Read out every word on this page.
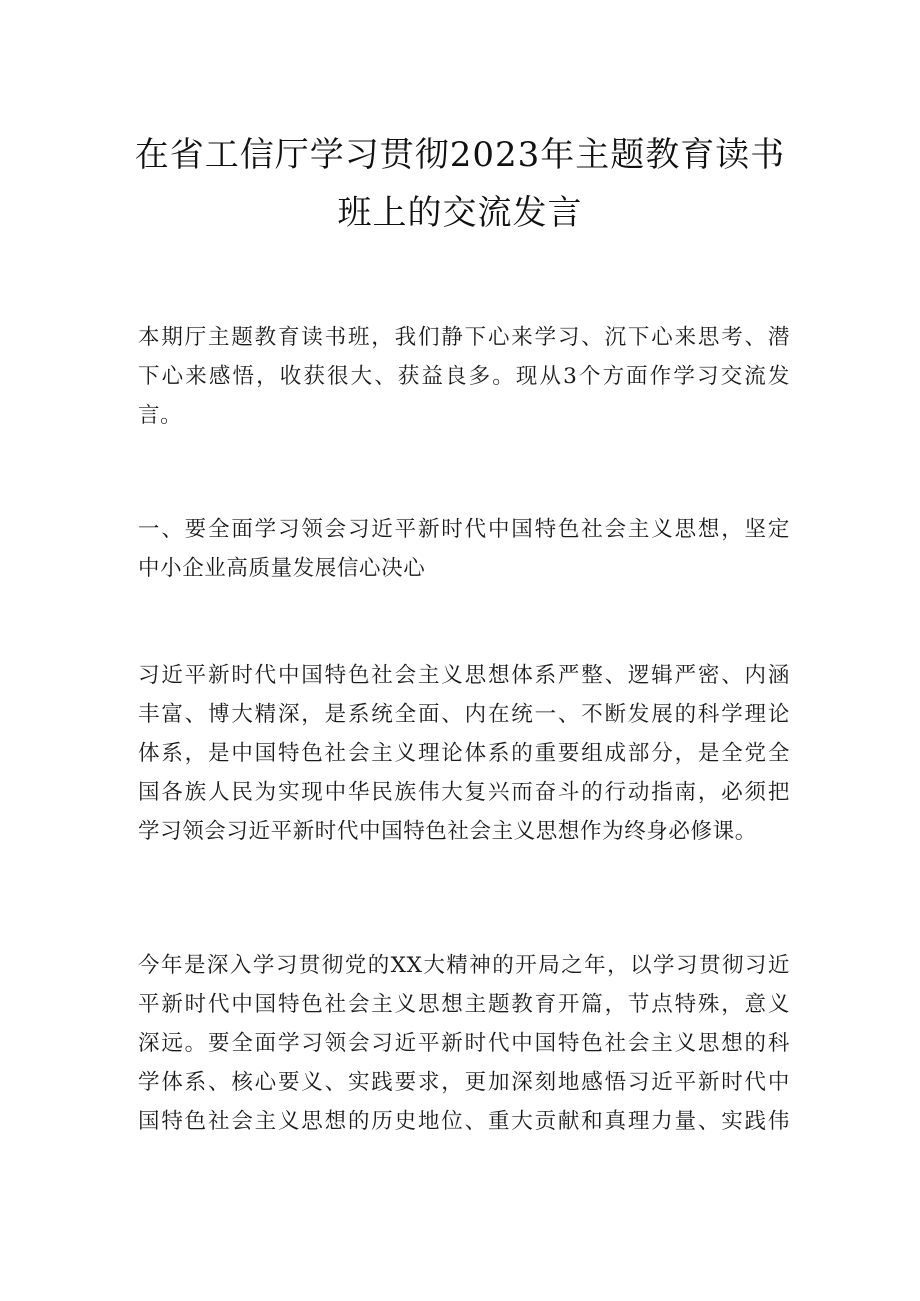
在省工信厅学习贯彻2023年主题教育读书
班上的交流发言
本期厅主题教育读书班，我们静下心来学习、沉下心来思考、潜
下心来感悟，收获很大、获益良多。现从3个方面作学习交流发
言。
一、要全面学习领会习近平新时代中国特色社会主义思想，坚定
中小企业高质量发展信心决心
习近平新时代中国特色社会主义思想体系严整、逻辑严密、内涵
丰富、博大精深，是系统全面、内在统一、不断发展的科学理论
体系，是中国特色社会主义理论体系的重要组成部分，是全党全
国各族人民为实现中华民族伟大复兴而奋斗的行动指南，必须把
学习领会习近平新时代中国特色社会主义思想作为终身必修课。
今年是深入学习贯彻党的XX大精神的开局之年，以学习贯彻习近
平新时代中国特色社会主义思想主题教育开篇，节点特殊，意义
深远。要全面学习领会习近平新时代中国特色社会主义思想的科
学体系、核心要义、实践要求，更加深刻地感悟习近平新时代中
国特色社会主义思想的历史地位、重大贡献和真理力量、实践伟
